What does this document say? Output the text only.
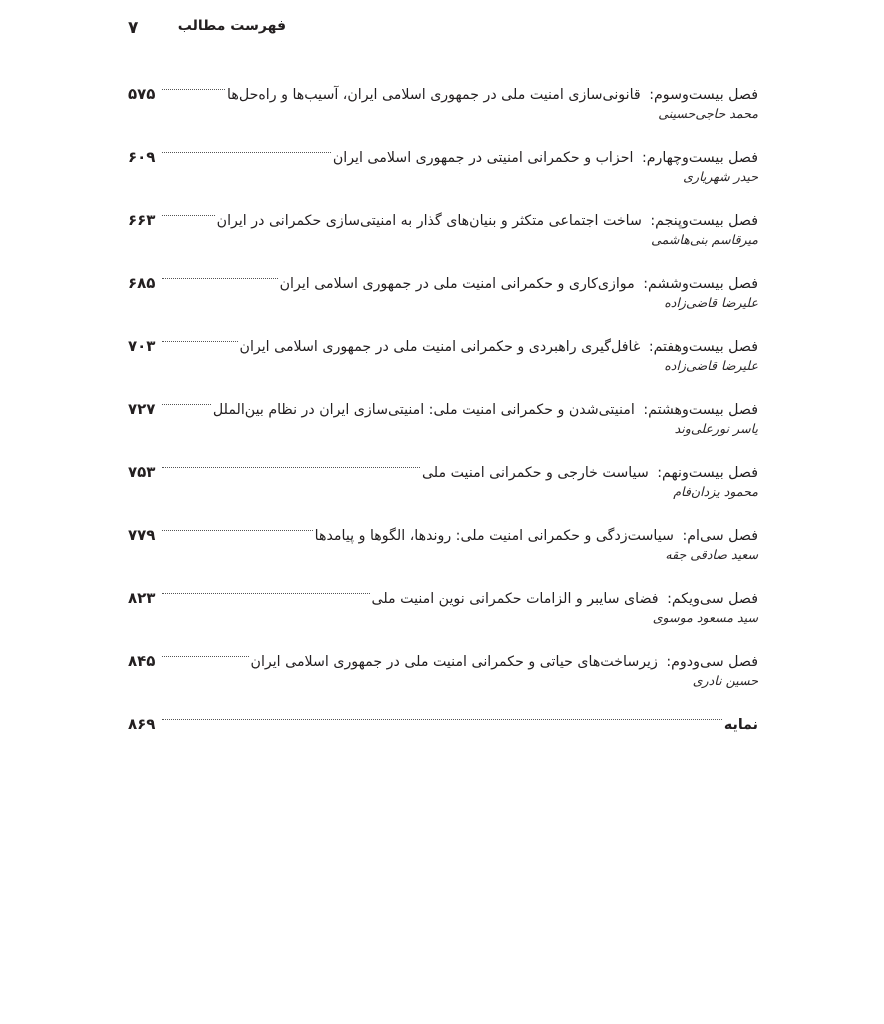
۷	فهرست مطالب
فصل بیست‌وسوم: قانونی‌سازی امنیت ملی در جمهوری اسلامی ایران، آسیب‌ها و راه‌حل‌ها
۵۷۵
محمد حاجی‌حسینی
فصل بیست‌وچهارم: احزاب و حکمرانی امنیتی در جمهوری اسلامی ایران
۶۰۹
حیدر شهریاری
فصل بیست‌وپنجم: ساخت اجتماعی متکثر و بنیان‌های گذار به امنیتی‌سازی حکمرانی در ایران
۶۶۳
میرقاسم بنی‌هاشمی
فصل بیست‌وششم: موازی‌کاری و حکمرانی امنیت ملی در جمهوری اسلامی ایران
۶۸۵
علیرضا قاضی‌زاده
فصل بیست‌وهفتم: غافل‌گیری راهبردی و حکمرانی امنیت ملی در جمهوری اسلامی ایران
۷۰۳
علیرضا قاضی‌زاده
فصل بیست‌وهشتم: امنیتی‌شدن و حکمرانی امنیت ملی: امنیتی‌سازی ایران در نظام بین‌الملل
۷۲۷
یاسر نورعلی‌وند
فصل بیست‌ونهم: سیاست خارجی و حکمرانی امنیت ملی
۷۵۳
محمود یزدان‌فام
فصل سی‌ام: سیاست‌زدگی و حکمرانی امنیت ملی: روندها، الگوها و پیامدها
۷۷۹
سعید صادقی جقه
فصل سی‌ویکم: فضای سایبر و الزامات حکمرانی نوین امنیت ملی
۸۲۳
سید مسعود موسوی
فصل سی‌ودوم: زیرساخت‌های حیاتی و حکمرانی امنیت ملی در جمهوری اسلامی ایران
۸۴۵
حسین نادری
نمایه
۸۶۹
